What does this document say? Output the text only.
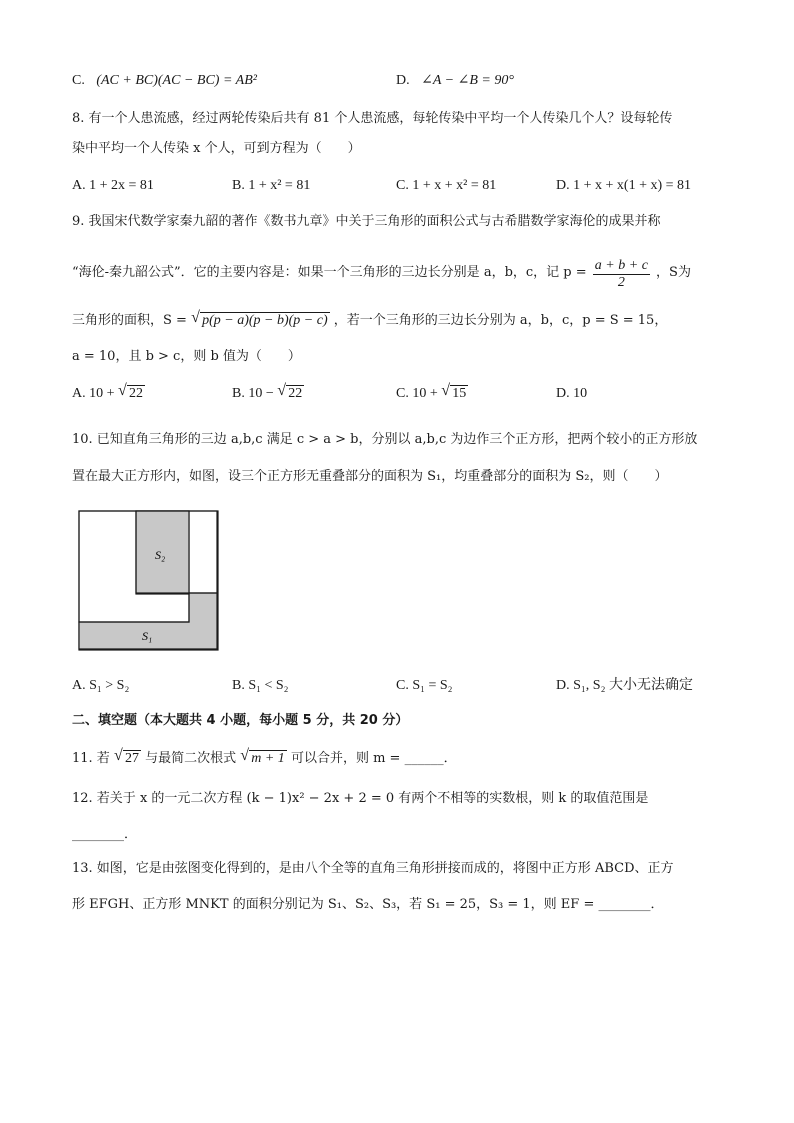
C. (AC + BC)(AC − BC) = AB²	D. ∠A − ∠B = 90°
8. 有一个人患流感，经过两轮传染后共有 81 个人患流感，每轮传染中平均一个人传染几个人？设每轮传
染中平均一个人传染 x 个人，可到方程为（　　）
A. 1 + 2x = 81	B. 1 + x² = 81	C. 1 + x + x² = 81	D. 1 + x + x(1 + x) = 81
9. 我国宋代数学家秦九韶的著作《数书九章》中关于三角形的面积公式与古希腊数学家海伦的成果并称
“海伦-秦九韶公式”．它的主要内容是：如果一个三角形的三边长分别是 a，b，c，记 $p = \frac{a + b + c}{2}$ ，S为
三角形的面积，S = √ p(p − a)(p − b)(p − c) ，若一个三角形的三边长分别为 a，b，c，p = S = 15，
a = 10，且 b > c，则 b 值为（　　）
A. 10 + √ 22	B. 10 − √ 22	C. 10 + √ 15	D. 10
10. 已知直角三角形的三边 a,b,c 满足 c > a > b，分别以 a,b,c 为边作三个正方形，把两个较小的正方形放
置在最大正方形内，如图，设三个正方形无重叠部分的面积为 S₁，均重叠部分的面积为 S₂，则（　　）
S₂
S₁
A. S₁ > S₂	B. S₁ < S₂	C. S₁ = S₂	D. S₁, S₂ 大小无法确定
二、填空题（本大题共 4 小题，每小题 5 分，共 20 分）
11. 若 √ 27 与最简二次根式 √ m + 1 可以合并，则 m = ______．
12. 若关于 x 的一元二次方程 (k − 1)x² − 2x + 2 = 0 有两个不相等的实数根，则 k 的取值范围是
________．
13. 如图，它是由弦图变化得到的，是由八个全等的直角三角形拼接而成的，将图中正方形 ABCD、正方
形 EFGH、正方形 MNKT 的面积分别记为 S₁、S₂、S₃，若 S₁ = 25，S₃ = 1，则 EF = ________．
